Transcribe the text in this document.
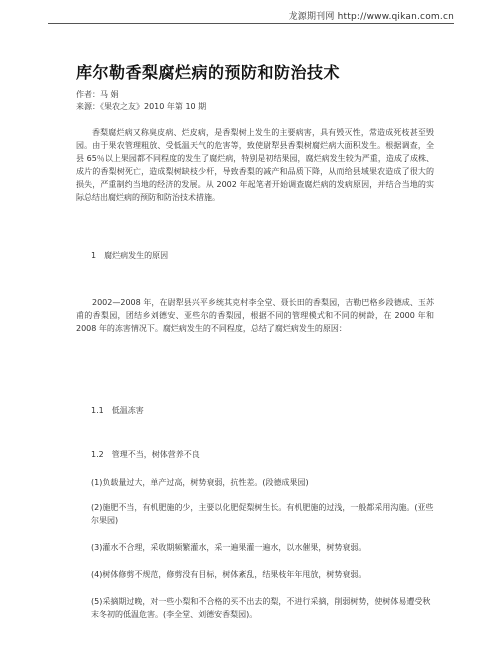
龙源期刊网 http://www.qikan.com.cn
库尔勒香梨腐烂病的预防和防治技术
作者：马 娟
来源：《果农之友》2010 年第 10 期

香梨腐烂病又称臭皮病、烂皮病，是香梨树上发生的主要病害，具有毁灭性，常造成死枝甚至毁园。由于果农管理粗放、受低温天气的危害等，致使尉犁县香梨树腐烂病大面积发生。根据调查，全县 65％以上果园都不同程度的发生了腐烂病，特别是初结果园，腐烂病发生较为严重，造成了成株、成片的香梨树死亡，造成梨树缺枝少杆，导致香梨的减产和品质下降，从而给县域果农造成了很大的损失，严重制约当地的经济的发展。从 2002 年起笔者开始调查腐烂病的发病原因，并结合当地的实际总结出腐烂病的预防和防治技术措施。

1　腐烂病发生的原因

2002—2008 年，在尉犁县兴平乡统其克村李全堂、聂长田的香梨园，吉勒巴格乡段德成、玉苏甫的香梨园，团结乡刘德安、亚些尔的香梨园，根据不同的管理模式和不同的树龄，在 2000 年和 2008 年的冻害情况下。腐烂病发生的不同程度，总结了腐烂病发生的原因：

1.1　低温冻害
1.2　管理不当，树体营养不良

(1)负载量过大，单产过高，树势衰弱，抗性差。(段德成果园)

(2)施肥不当，有机肥施的少，主要以化肥促梨树生长。有机肥施的过浅，一般都采用沟施。(亚些尔果园)

(3)灌水不合理，采收期频繁灌水，采一遍果灌一遍水，以水催果，树势衰弱。

(4)树体修剪不规范，修剪没有目标，树体紊乱，结果枝年年甩放，树势衰弱。

(5)采摘期过晚，对一些小梨和不合格的买不出去的梨，不进行采摘，削弱树势，使树体易遭受秋末冬初的低温危害。(李全堂、刘德安香梨园)。
